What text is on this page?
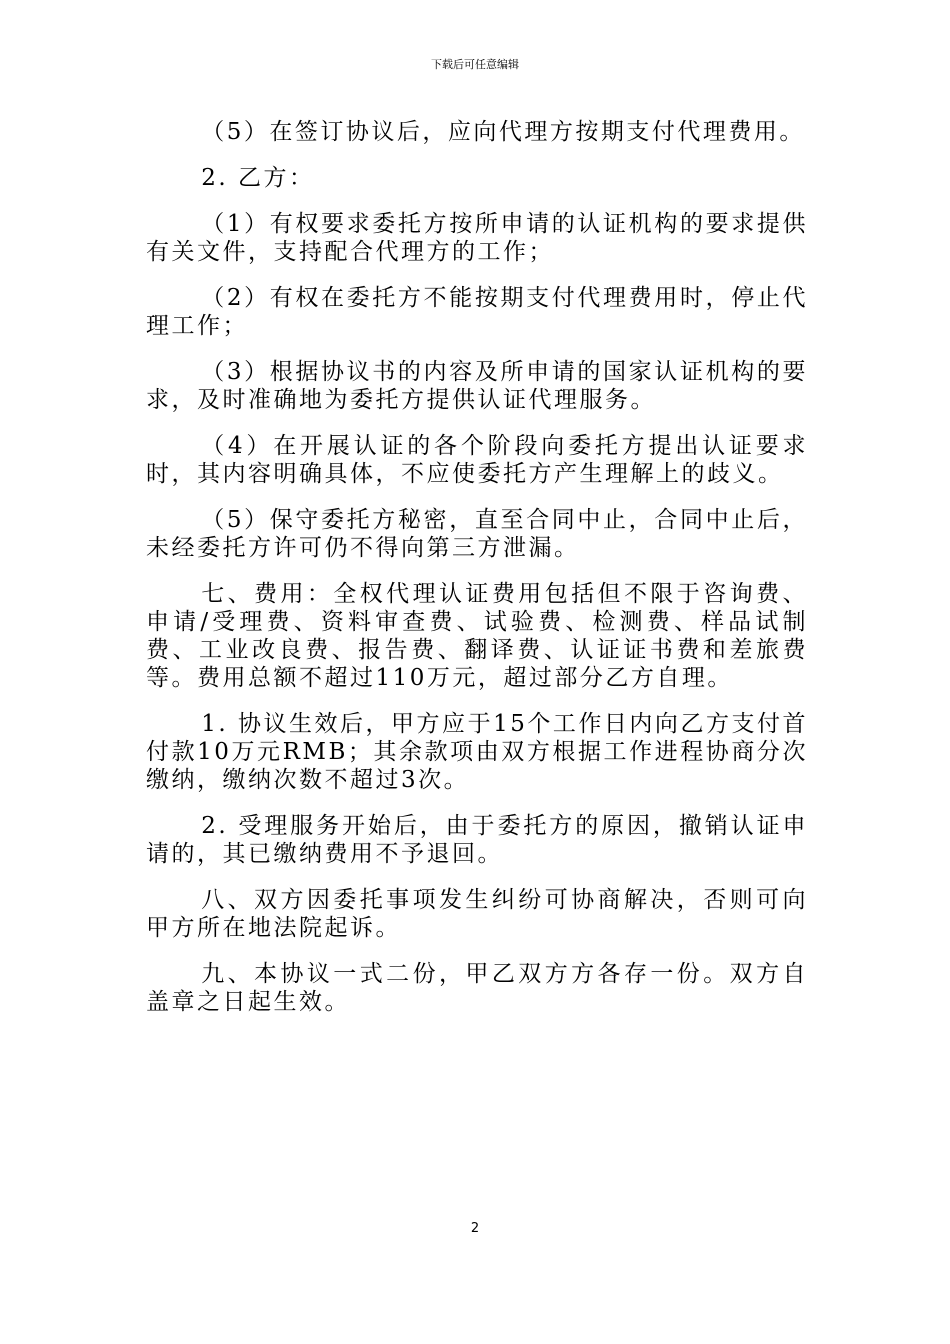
下载后可任意编辑

（5）在签订协议后，应向代理方按期支付代理费用。

2. 乙方：

（1）有权要求委托方按所申请的认证机构的要求提供有关文件，支持配合代理方的工作；

（2）有权在委托方不能按期支付代理费用时，停止代理工作；

（3）根据协议书的内容及所申请的国家认证机构的要求，及时准确地为委托方提供认证代理服务。

（4）在开展认证的各个阶段向委托方提出认证要求时，其内容明确具体，不应使委托方产生理解上的歧义。

（5）保守委托方秘密，直至合同中止，合同中止后，未经委托方许可仍不得向第三方泄漏。

七、费用：全权代理认证费用包括但不限于咨询费、申请/受理费、资料审查费、试验费、检测费、样品试制费、工业改良费、报告费、翻译费、认证证书费和差旅费等。费用总额不超过110万元，超过部分乙方自理。

1. 协议生效后，甲方应于15个工作日内向乙方支付首付款10万元RMB；其余款项由双方根据工作进程协商分次缴纳，缴纳次数不超过3次。

2. 受理服务开始后，由于委托方的原因，撤销认证申请的，其已缴纳费用不予退回。

八、双方因委托事项发生纠纷可协商解决，否则可向甲方所在地法院起诉。

九、本协议一式二份，甲乙双方方各存一份。双方自盖章之日起生效。

2
